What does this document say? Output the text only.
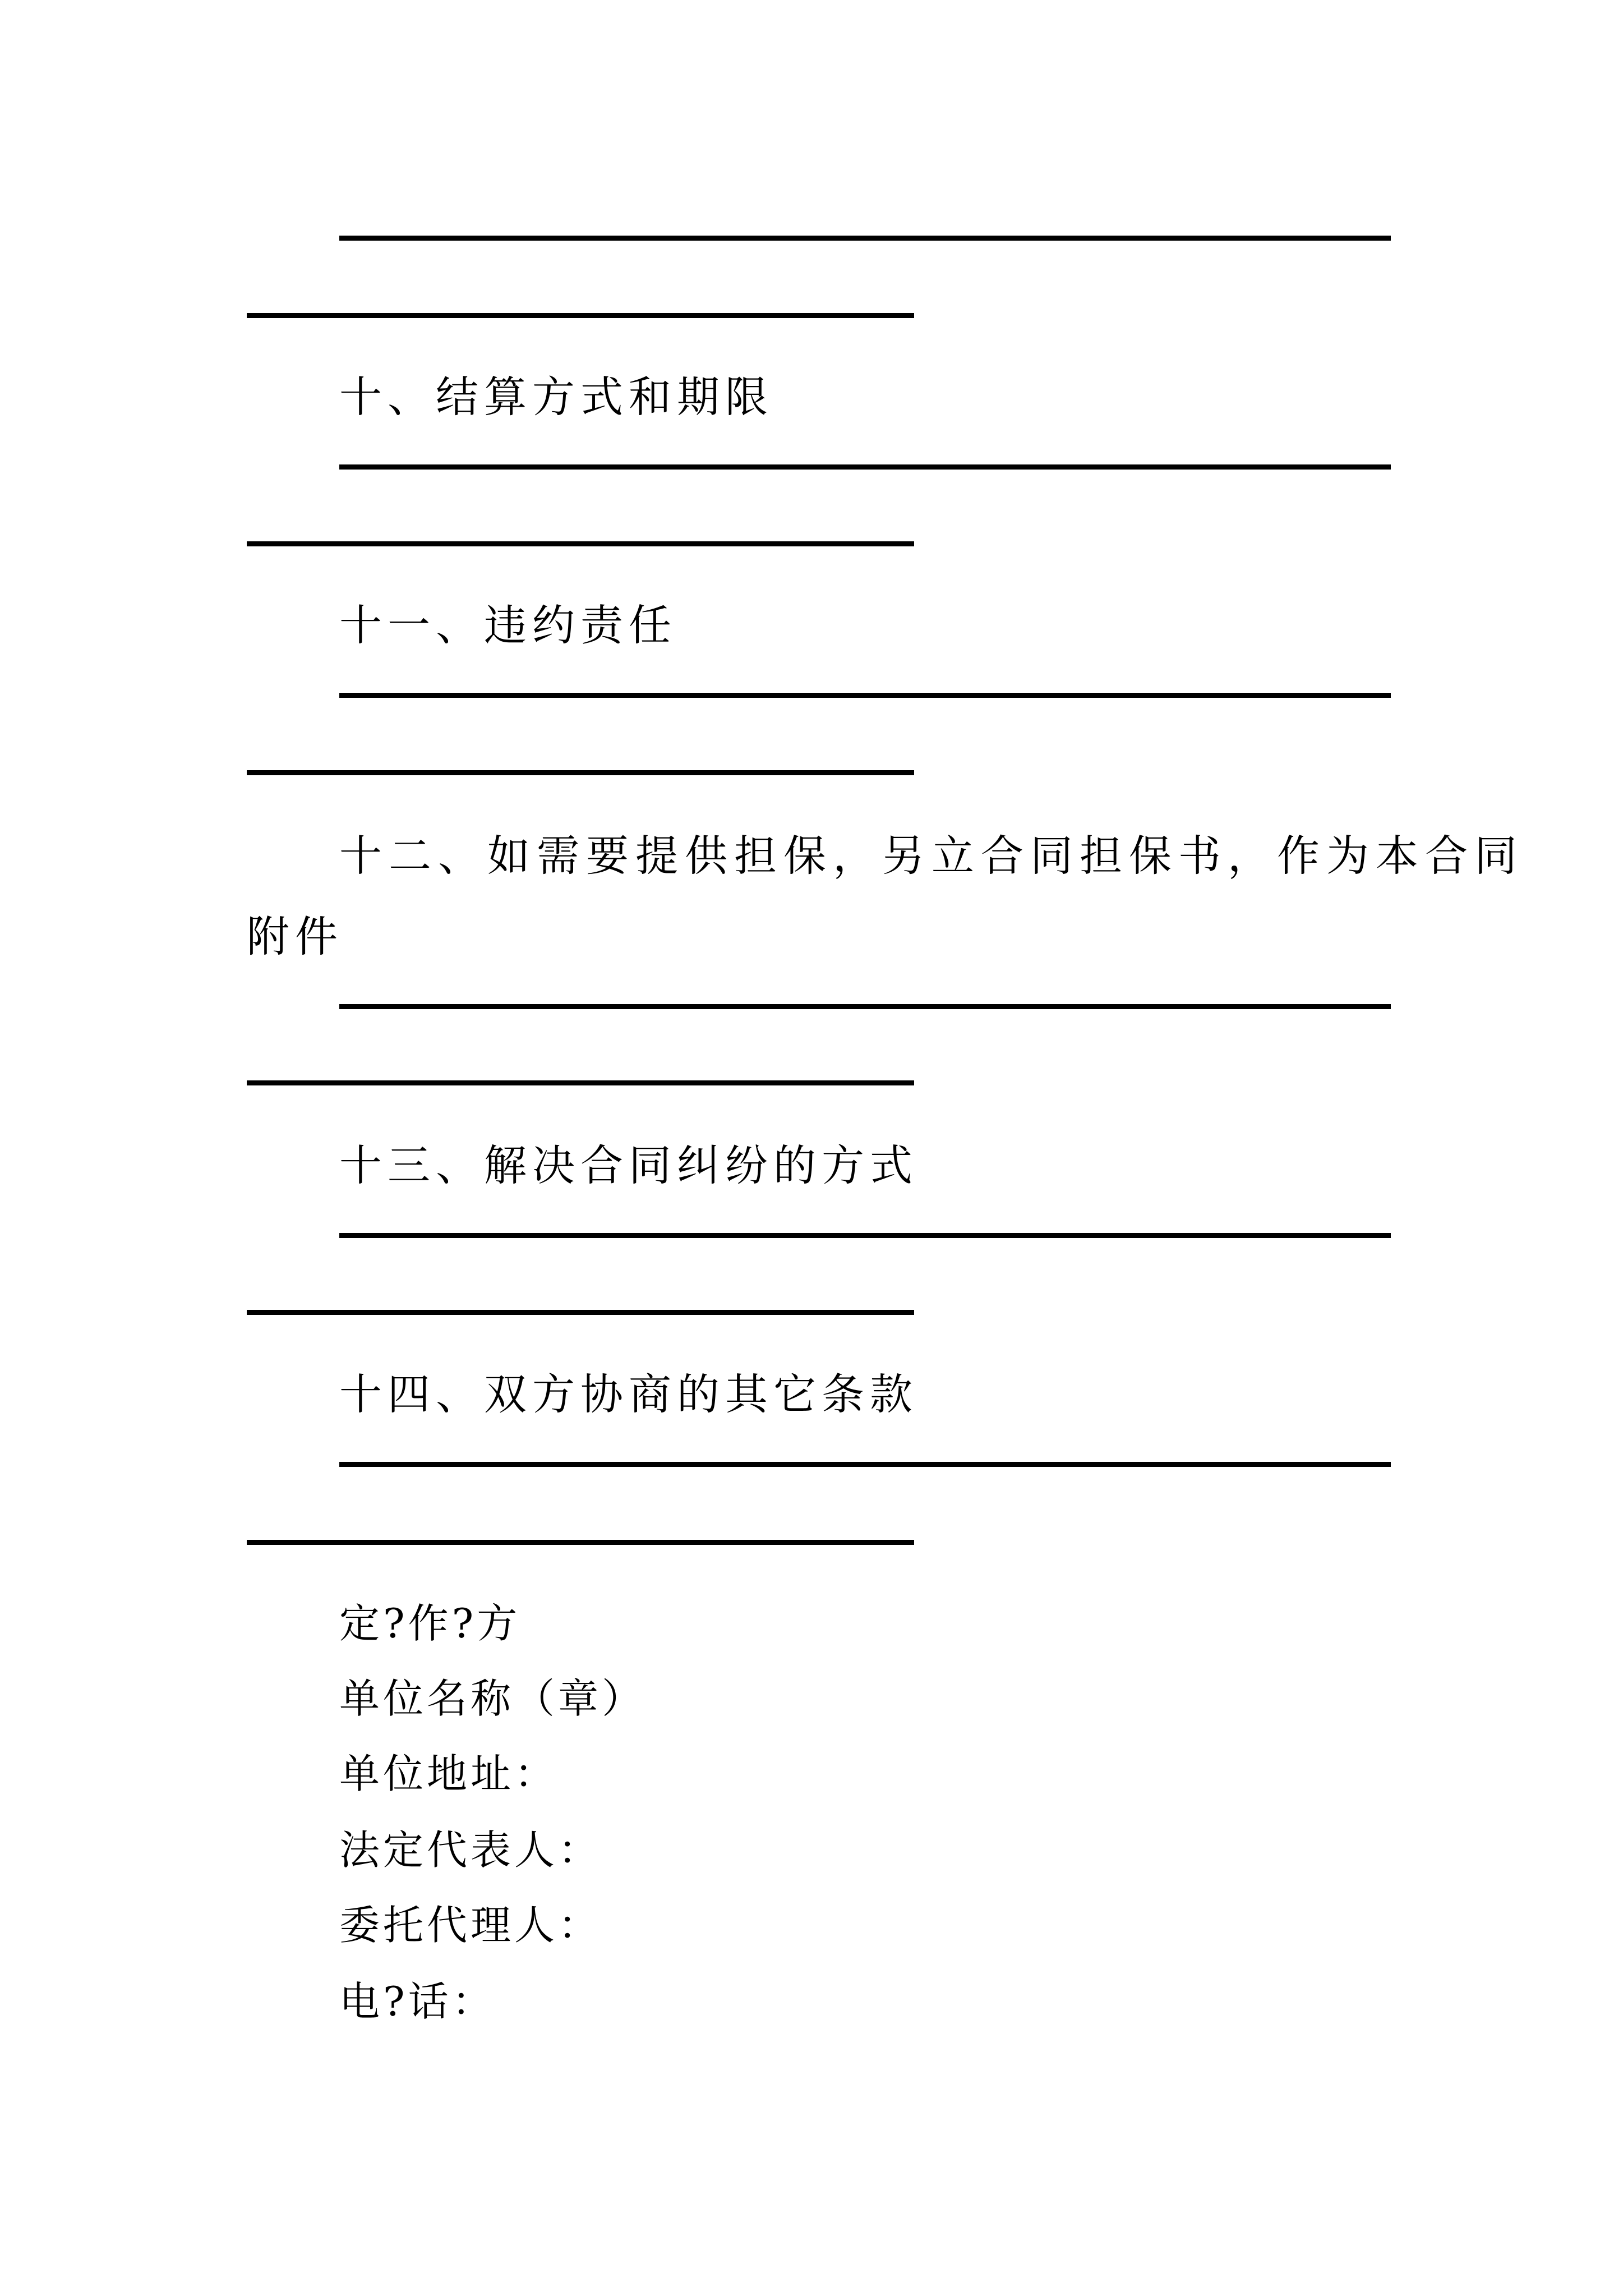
十、结算方式和期限
十一、违约责任
十二、如需要提供担保，另立合同担保书，作为本合同
附件
十三、解决合同纠纷的方式
十四、双方协商的其它条款
定?作?方
单位名称（章）
单位地址：
法定代表人：
委托代理人：
电?话：
